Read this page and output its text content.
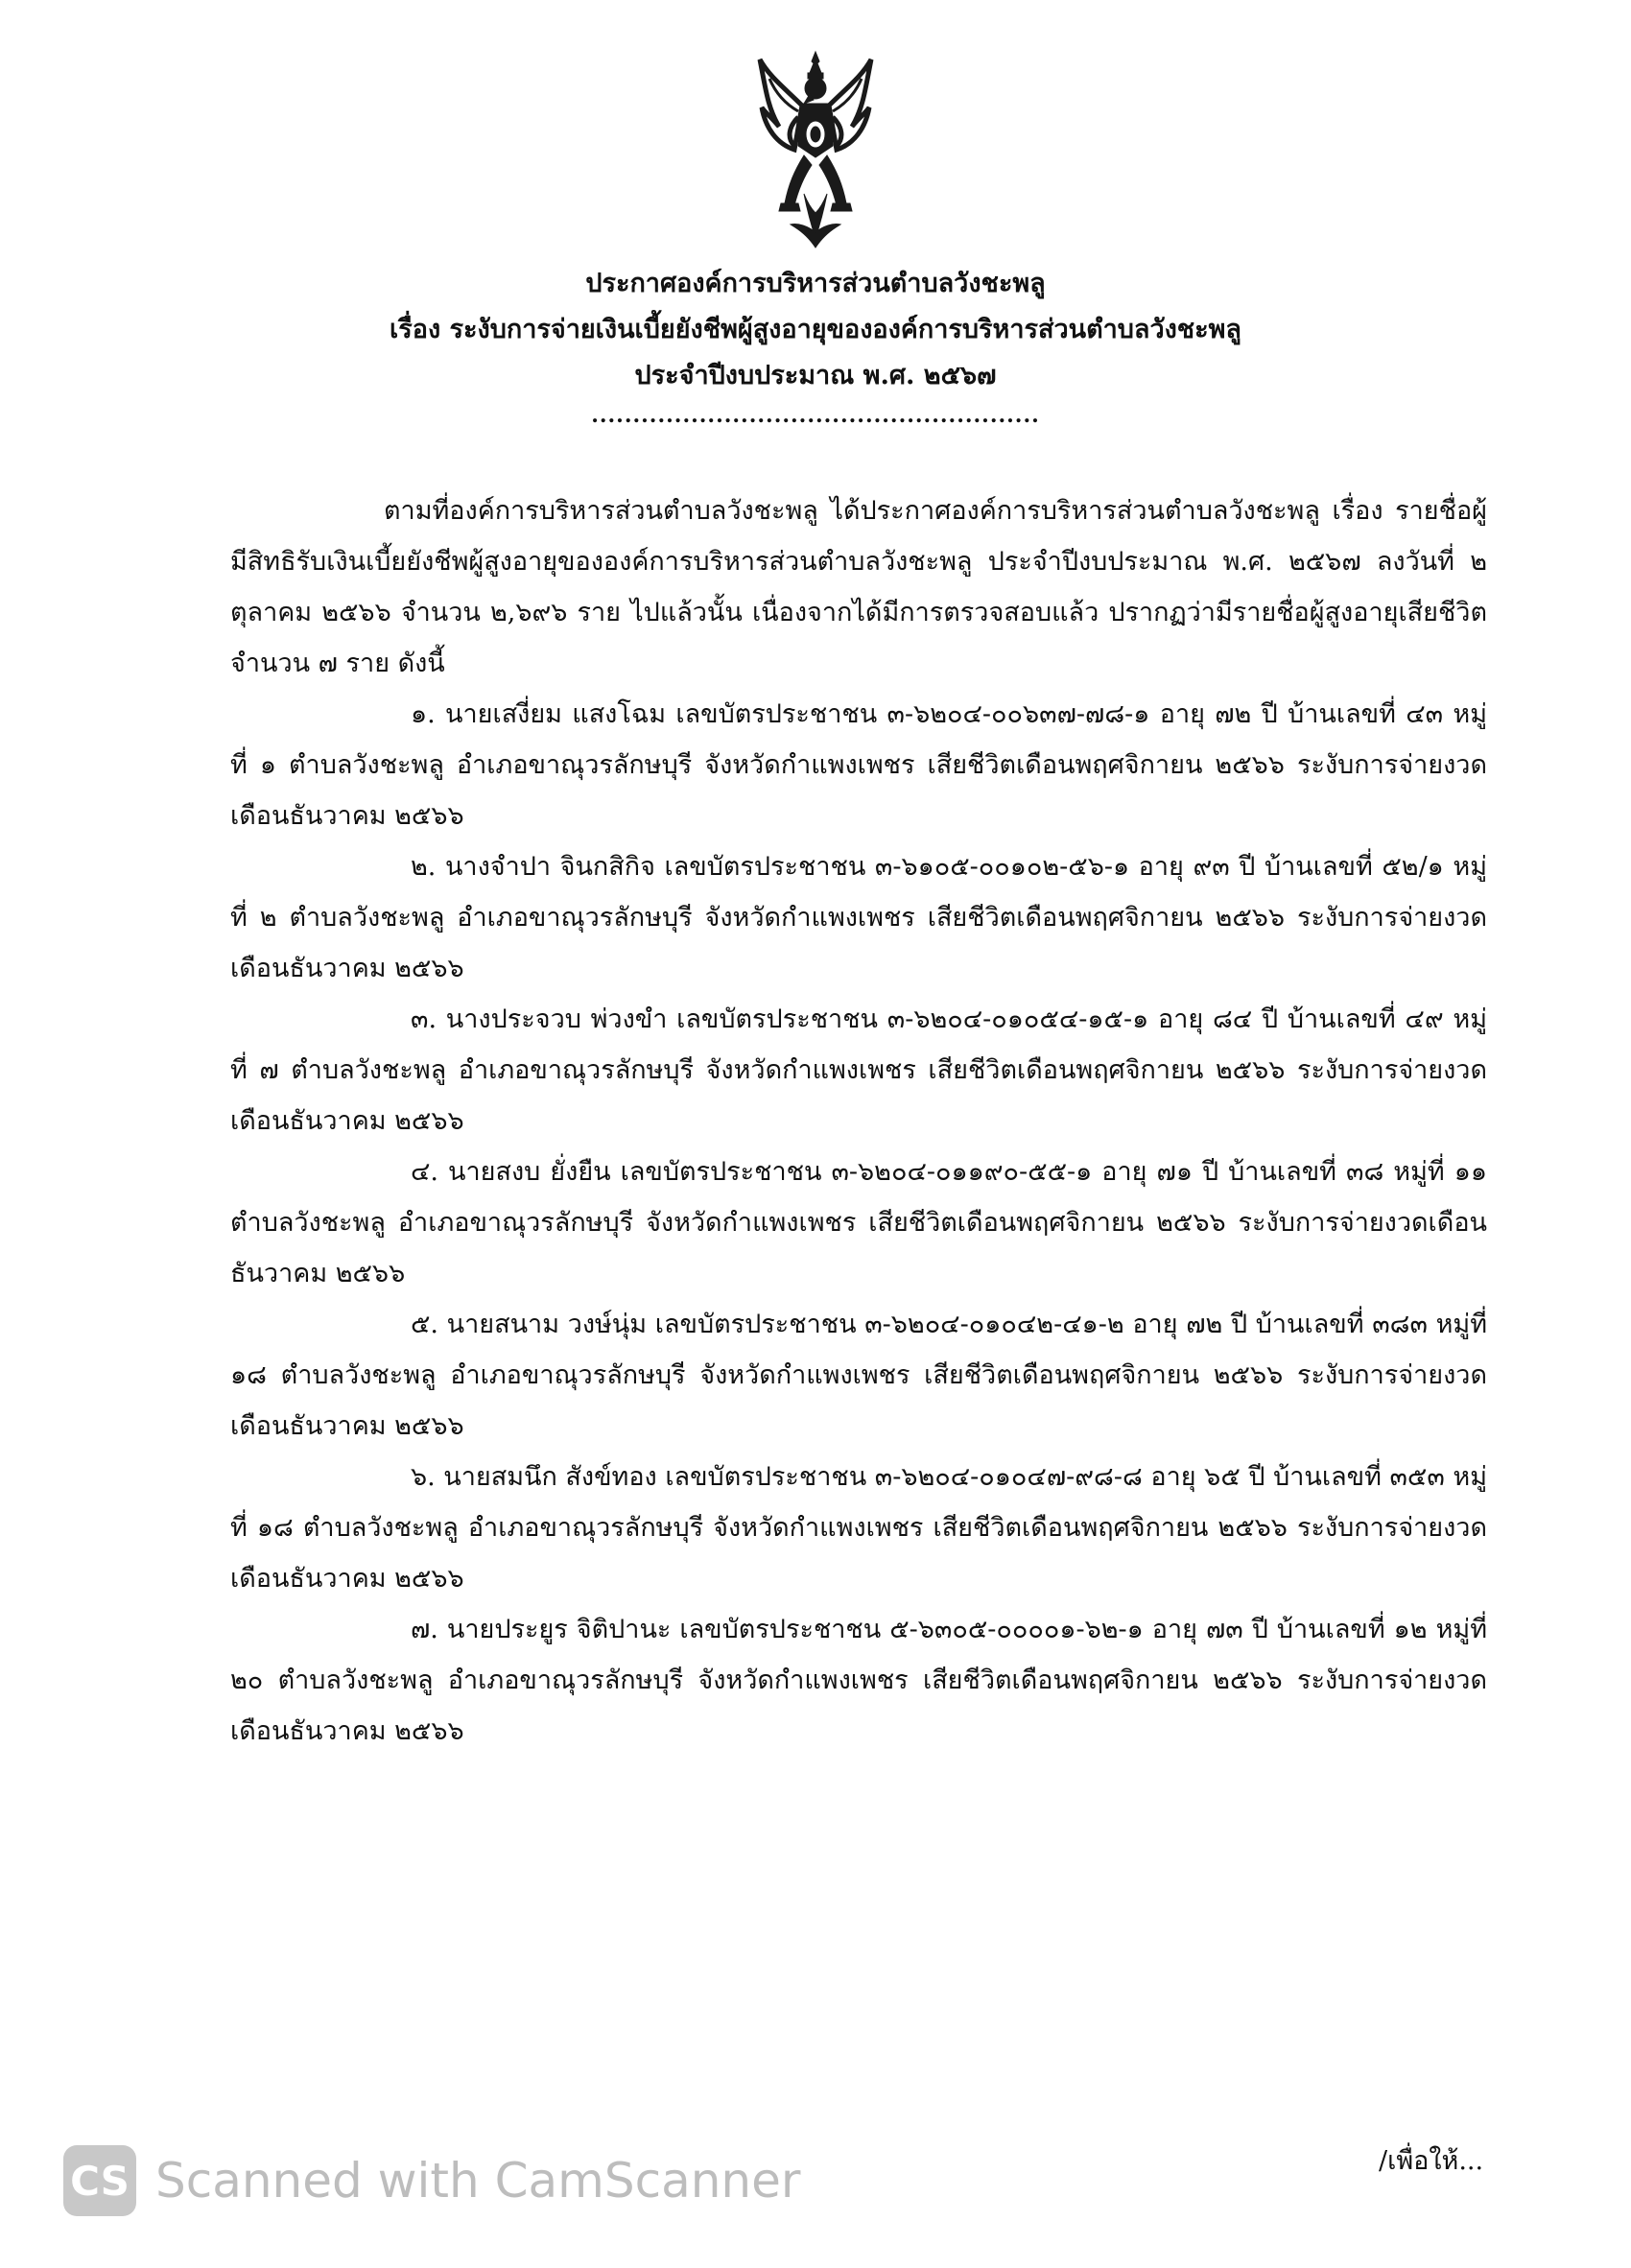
ประกาศองค์การบริหารส่วนตำบลวังชะพลู
เรื่อง ระงับการจ่ายเงินเบี้ยยังชีพผู้สูงอายุขององค์การบริหารส่วนตำบลวังชะพลู
ประจำปีงบประมาณ พ.ศ. ๒๕๖๗
......................................................

ตามที่องค์การบริหารส่วนตำบลวังชะพลู ได้ประกาศองค์การบริหารส่วนตำบลวังชะพลู เรื่อง รายชื่อผู้มีสิทธิรับเงินเบี้ยยังชีพผู้สูงอายุขององค์การบริหารส่วนตำบลวังชะพลู ประจำปีงบประมาณ พ.ศ. ๒๕๖๗ ลงวันที่ ๒ ตุลาคม ๒๕๖๖ จำนวน ๒,๖๙๖ ราย ไปแล้วนั้น เนื่องจากได้มีการตรวจสอบแล้ว ปรากฏว่ามีรายชื่อผู้สูงอายุเสียชีวิต จำนวน ๗ ราย ดังนี้

๑. นายเสงี่ยม แสงโฉม เลขบัตรประชาชน ๓-๖๒๐๔-๐๐๖๓๗-๗๘-๑ อายุ ๗๒ ปี บ้านเลขที่ ๔๓ หมู่ที่ ๑ ตำบลวังชะพลู อำเภอขาณุวรลักษบุรี จังหวัดกำแพงเพชร เสียชีวิตเดือนพฤศจิกายน ๒๕๖๖ ระงับการจ่ายงวดเดือนธันวาคม ๒๕๖๖

๒. นางจำปา จินกสิกิจ เลขบัตรประชาชน ๓-๖๑๐๕-๐๐๑๐๒-๕๖-๑ อายุ ๙๓ ปี บ้านเลขที่ ๕๒/๑ หมู่ที่ ๒ ตำบลวังชะพลู อำเภอขาณุวรลักษบุรี จังหวัดกำแพงเพชร เสียชีวิตเดือนพฤศจิกายน ๒๕๖๖ ระงับการจ่ายงวดเดือนธันวาคม ๒๕๖๖

๓. นางประจวบ พ่วงขำ เลขบัตรประชาชน ๓-๖๒๐๔-๐๑๐๕๔-๑๕-๑ อายุ ๘๔ ปี บ้านเลขที่ ๔๙ หมู่ที่ ๗ ตำบลวังชะพลู อำเภอขาณุวรลักษบุรี จังหวัดกำแพงเพชร เสียชีวิตเดือนพฤศจิกายน ๒๕๖๖ ระงับการจ่ายงวดเดือนธันวาคม ๒๕๖๖

๔. นายสงบ ยั่งยืน เลขบัตรประชาชน ๓-๖๒๐๔-๐๑๑๙๐-๕๕-๑ อายุ ๗๑ ปี บ้านเลขที่ ๓๘ หมู่ที่ ๑๑ ตำบลวังชะพลู อำเภอขาณุวรลักษบุรี จังหวัดกำแพงเพชร เสียชีวิตเดือนพฤศจิกายน ๒๕๖๖ ระงับการจ่ายงวดเดือนธันวาคม ๒๕๖๖

๕. นายสนาม วงษ์นุ่ม เลขบัตรประชาชน ๓-๖๒๐๔-๐๑๐๔๒-๔๑-๒ อายุ ๗๒ ปี บ้านเลขที่ ๓๘๓ หมู่ที่ ๑๘ ตำบลวังชะพลู อำเภอขาณุวรลักษบุรี จังหวัดกำแพงเพชร เสียชีวิตเดือนพฤศจิกายน ๒๕๖๖ ระงับการจ่ายงวดเดือนธันวาคม ๒๕๖๖

๖. นายสมนึก สังข์ทอง เลขบัตรประชาชน ๓-๖๒๐๔-๐๑๐๔๗-๙๘-๘ อายุ ๖๕ ปี บ้านเลขที่ ๓๕๓ หมู่ที่ ๑๘ ตำบลวังชะพลู อำเภอขาณุวรลักษบุรี จังหวัดกำแพงเพชร เสียชีวิตเดือนพฤศจิกายน ๒๕๖๖ ระงับการจ่ายงวดเดือนธันวาคม ๒๕๖๖

๗. นายประยูร จิติปานะ เลขบัตรประชาชน ๕-๖๓๐๕-๐๐๐๐๑-๖๒-๑ อายุ ๗๓ ปี บ้านเลขที่ ๑๒ หมู่ที่ ๒๐ ตำบลวังชะพลู อำเภอขาณุวรลักษบุรี จังหวัดกำแพงเพชร เสียชีวิตเดือนพฤศจิกายน ๒๕๖๖ ระงับการจ่ายงวดเดือนธันวาคม ๒๕๖๖

/เพื่อให้...
CS Scanned with CamScanner
